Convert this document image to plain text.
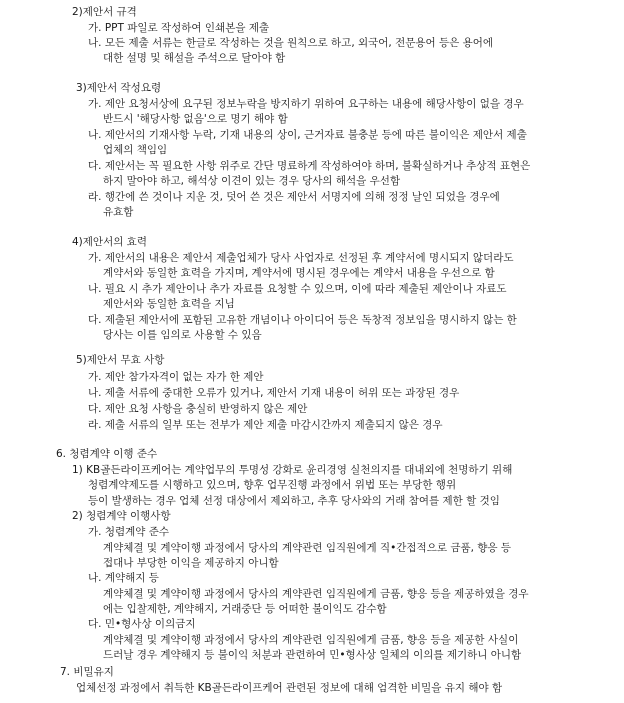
2)제안서 규격
가. PPT 파일로 작성하여 인쇄본을 제출
나. 모든 제출 서류는 한글로 작성하는 것을 원칙으로 하고, 외국어, 전문용어 등은 용어에
대한 설명 및 해설을 주석으로 달아야 함
3)제안서 작성요령
가. 제안 요청서상에 요구된 정보누락을 방지하기 위하여 요구하는 내용에 해당사항이 없을 경우
반드시 '해당사항 없음'으로 명기 해야 함
나. 제안서의 기재사항 누락, 기재 내용의 상이, 근거자료 불충분 등에 따른 불이익은 제안서 제출
업체의 책임임
다. 제안서는 꼭 필요한 사항 위주로 간단 명료하게 작성하여야 하며, 불확실하거나 추상적 표현은
하지 말아야 하고, 해석상 이견이 있는 경우 당사의 해석을 우선함
라. 행간에 쓴 것이나 지운 것, 덧어 쓴 것은 제안서 서명지에 의해 정정 날인 되었을 경우에
유효함
4)제안서의 효력
가. 제안서의 내용은 제안서 제출업체가 당사 사업자로 선정된 후 계약서에 명시되지 않더라도
계약서와 동일한 효력을 가지며, 계약서에 명시된 경우에는 계약서 내용을 우선으로 함
나. 필요 시 추가 제안이나 추가 자료를 요청할 수 있으며, 이에 따라 제출된 제안이나 자료도
제안서와 동일한 효력을 지님
다. 제출된 제안서에 포함된 고유한 개념이나 아이디어 등은 독창적 정보임을 명시하지 않는 한
당사는 이를 임의로 사용할 수 있음
5)제안서 무효 사항
가. 제안 참가자격이 없는 자가 한 제안
나. 제출 서류에 중대한 오류가 있거나, 제안서 기재 내용이 허위 또는 과장된 경우
다. 제안 요청 사항을 충실히 반영하지 않은 제안
라. 제출 서류의 일부 또는 전부가 제안 제출 마감시간까지 제출되지 않은 경우
6. 청렴계약 이행 준수
1) KB골든라이프케어는 계약업무의 투명성 강화로 윤리경영 실천의지를 대내외에 천명하기 위해
청렴계약제도를 시행하고 있으며, 향후 업무진행 과정에서 위법 또는 부당한 행위
등이 발생하는 경우 업체 선정 대상에서 제외하고, 추후 당사와의 거래 참여를 제한 할 것임
2) 청렴계약 이행사항
가. 청렴계약 준수
계약체결 및 계약이행 과정에서 당사의 계약관련 임직원에게 직•간접적으로 금품, 향응 등
접대나 부당한 이익을 제공하지 아니함
나. 계약해지 등
계약체결 및 계약이행 과정에서 당사의 계약관련 임직원에게 금품, 향응 등을 제공하였을 경우
에는 입찰제한, 계약해지, 거래중단 등 어떠한 불이익도 감수함
다. 민•형사상 이의금지
계약체결 및 계약이행 과정에서 당사의 계약관련 임직원에게 금품, 향응 등을 제공한 사실이
드러날 경우 계약해지 등 불이익 처분과 관련하여 민•형사상 일체의 이의를 제기하니 아니함
7. 비밀유지
업체선정 과정에서 취득한 KB골든라이프케어 관련된 정보에 대해 엄격한 비밀을 유지 해야 함
